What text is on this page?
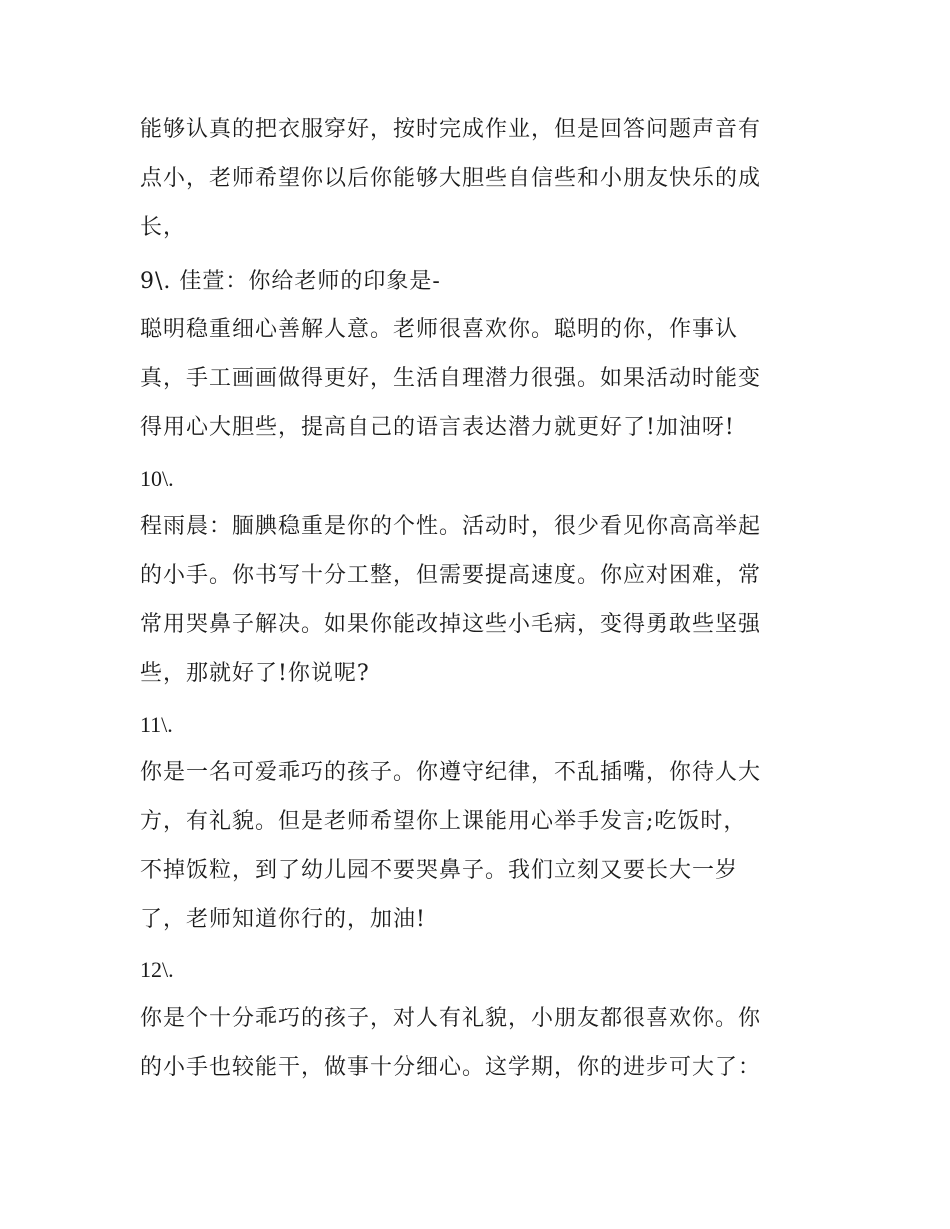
能够认真的把衣服穿好，按时完成作业，但是回答问题声音有
点小，老师希望你以后你能够大胆些自信些和小朋友快乐的成
长，
9\. 佳萱：你给老师的印象是-
聪明稳重细心善解人意。老师很喜欢你。聪明的你，作事认
真，手工画画做得更好，生活自理潜力很强。如果活动时能变
得用心大胆些，提高自己的语言表达潜力就更好了!加油呀!
10\.
程雨晨：腼腆稳重是你的个性。活动时，很少看见你高高举起
的小手。你书写十分工整，但需要提高速度。你应对困难，常
常用哭鼻子解决。如果你能改掉这些小毛病，变得勇敢些坚强
些，那就好了!你说呢?
11\.
你是一名可爱乖巧的孩子。你遵守纪律，不乱插嘴，你待人大
方，有礼貌。但是老师希望你上课能用心举手发言;吃饭时，
不掉饭粒，到了幼儿园不要哭鼻子。我们立刻又要长大一岁
了，老师知道你行的，加油!
12\.
你是个十分乖巧的孩子，对人有礼貌，小朋友都很喜欢你。你
的小手也较能干，做事十分细心。这学期，你的进步可大了：
